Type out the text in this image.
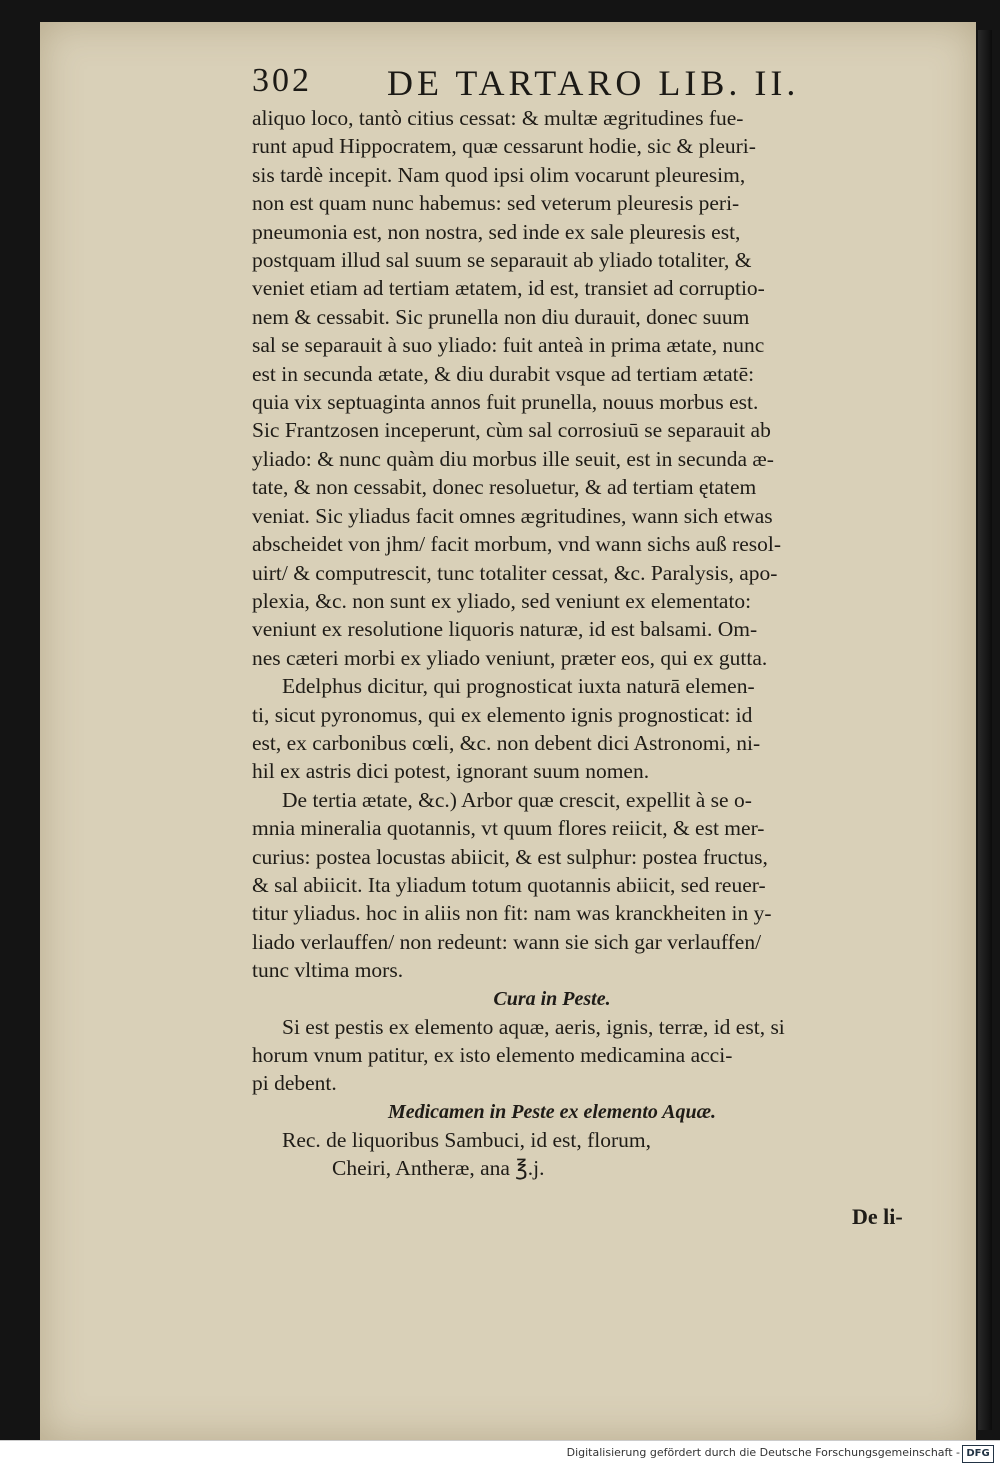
302 DE TARTARO LIB. II.
aliquo loco, tantò citius cessat: & multæ ægritudines fue-
runt apud Hippocratem, quæ cessarunt hodie, sic & pleuri-
sis tardè incepit. Nam quod ipsi olim vocarunt pleuresim,
non est quam nunc habemus: sed veterum pleuresis peri-
pneumonia est, non nostra, sed inde ex sale pleuresis est,
postquam illud sal suum se separauit ab yliado totaliter, &
veniet etiam ad tertiam ætatem, id est, transiet ad corruptio-
nem & cessabit. Sic prunella non diu durauit, donec suum
sal se separauit à suo yliado: fuit anteà in prima ætate, nunc
est in secunda ætate, & diu durabit vsque ad tertiam ætatē:
quia vix septuaginta annos fuit prunella, nouus morbus est.
Sic Frantzosen inceperunt, cùm sal corrosiuū se separauit ab
yliado: & nunc quàm diu morbus ille seuit, est in secunda æ-
tate, & non cessabit, donec resoluetur, & ad tertiam ętatem
veniat. Sic yliadus facit omnes ægritudines, wann sich etwas
abscheidet von jhm/ facit morbum, vnd wann sichs auß resol-
uirt/ & computrescit, tunc totaliter cessat, &c. Paralysis, apo-
plexia, &c. non sunt ex yliado, sed veniunt ex elementato:
veniunt ex resolutione liquoris naturæ, id est balsami. Om-
nes cæteri morbi ex yliado veniunt, præter eos, qui ex gutta.
Edelphus dicitur, qui prognosticat iuxta naturā elemen-
ti, sicut pyronomus, qui ex elemento ignis prognosticat: id
est, ex carbonibus cœli, &c. non debent dici Astronomi, ni-
hil ex astris dici potest, ignorant suum nomen.
De tertia ætate, &c.) Arbor quæ crescit, expellit à se o-
mnia mineralia quotannis, vt quum flores reiicit, & est mer-
curius: postea locustas abiicit, & est sulphur: postea fructus,
& sal abiicit. Ita yliadum totum quotannis abiicit, sed reuer-
titur yliadus. hoc in aliis non fit: nam was kranckheiten in y-
liado verlauffen/ non redeunt: wann sie sich gar verlauffen/
tunc vltima mors.
Cura in Peste.
Si est pestis ex elemento aquæ, aeris, ignis, terræ, id est, si
horum vnum patitur, ex isto elemento medicamina acci-
pi debent.
Medicamen in Peste ex elemento Aquæ.
Rec. de liquoribus Sambuci, id est, florum,
Cheiri, Antheræ, ana ℥.j.
De li-
Digitalisierung gefördert durch die Deutsche Forschungsgemeinschaft - DFG
